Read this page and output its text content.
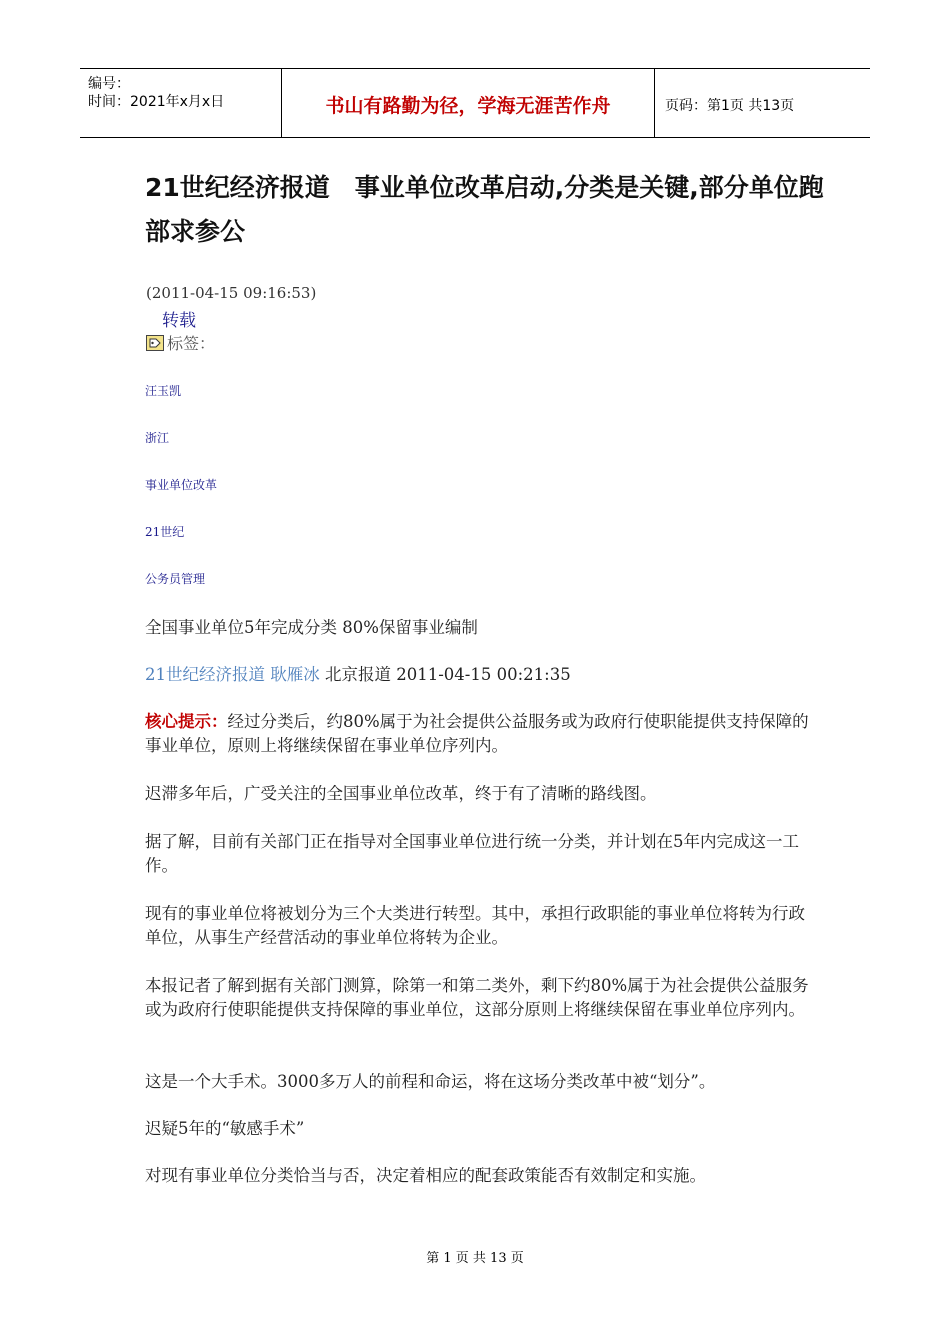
编号：
时间：2021年x月x日	书山有路勤为径，学海无涯苦作舟	页码：第1页 共13页
21世纪经济报道　事业单位改革启动,分类是关键,部分单位跑部求参公
(2011-04-15 09:16:53)
转载
标签：
汪玉凯
浙江
事业单位改革
21世纪
公务员管理

全国事业单位5年完成分类 80%保留事业编制

21世纪经济报道 耿雁冰 北京报道 2011-04-15 00:21:35

核心提示：经过分类后，约80%属于为社会提供公益服务或为政府行使职能提供支持保障的事业单位，原则上将继续保留在事业单位序列内。

迟滞多年后，广受关注的全国事业单位改革，终于有了清晰的路线图。

据了解，目前有关部门正在指导对全国事业单位进行统一分类，并计划在5年内完成这一工作。

现有的事业单位将被划分为三个大类进行转型。其中，承担行政职能的事业单位将转为行政单位，从事生产经营活动的事业单位将转为企业。

本报记者了解到据有关部门测算，除第一和第二类外，剩下约80%属于为社会提供公益服务或为政府行使职能提供支持保障的事业单位，这部分原则上将继续保留在事业单位序列内。

这是一个大手术。3000多万人的前程和命运，将在这场分类改革中被“划分”。

迟疑5年的“敏感手术”

对现有事业单位分类恰当与否，决定着相应的配套政策能否有效制定和实施。

第 1 页 共 13 页
